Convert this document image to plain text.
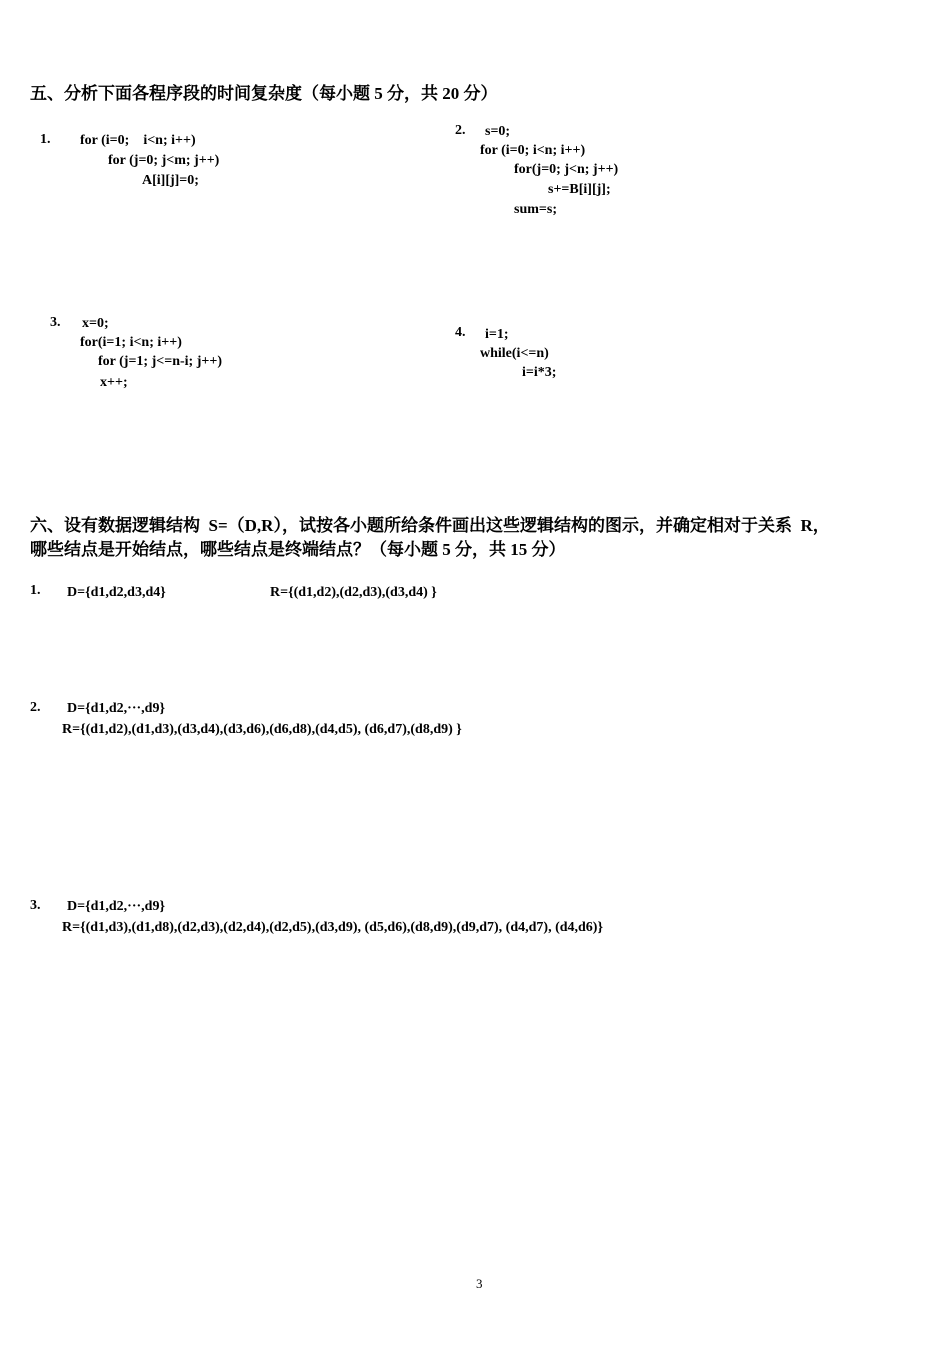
五、分析下面各程序段的时间复杂度（每小题 5 分，共 20 分）
1. for (i=0;    i<n; i++)
for (j=0; j<m; j++)
A[i][j]=0;
2. s=0;
for (i=0; i<n; i++)
for(j=0; j<n; j++)
s+=B[i][j];
sum=s;
3. x=0;
for(i=1; i<n; i++)
for (j=1; j<=n-i; j++)
x++;
4. i=1;
while(i<=n)
i=i*3;
六、设有数据逻辑结构  S=（D,R），试按各小题所给条件画出这些逻辑结构的图示，并确定相对于关系  R，
哪些结点是开始结点，哪些结点是终端结点？（每小题 5 分，共 15 分）
1. D={d1,d2,d3,d4}	R={(d1,d2),(d2,d3),(d3,d4) }
2. D={d1,d2,···,d9}
R={(d1,d2),(d1,d3),(d3,d4),(d3,d6),(d6,d8),(d4,d5), (d6,d7),(d8,d9) }
3. D={d1,d2,···,d9}
R={(d1,d3),(d1,d8),(d2,d3),(d2,d4),(d2,d5),(d3,d9), (d5,d6),(d8,d9),(d9,d7), (d4,d7), (d4,d6)}
3
